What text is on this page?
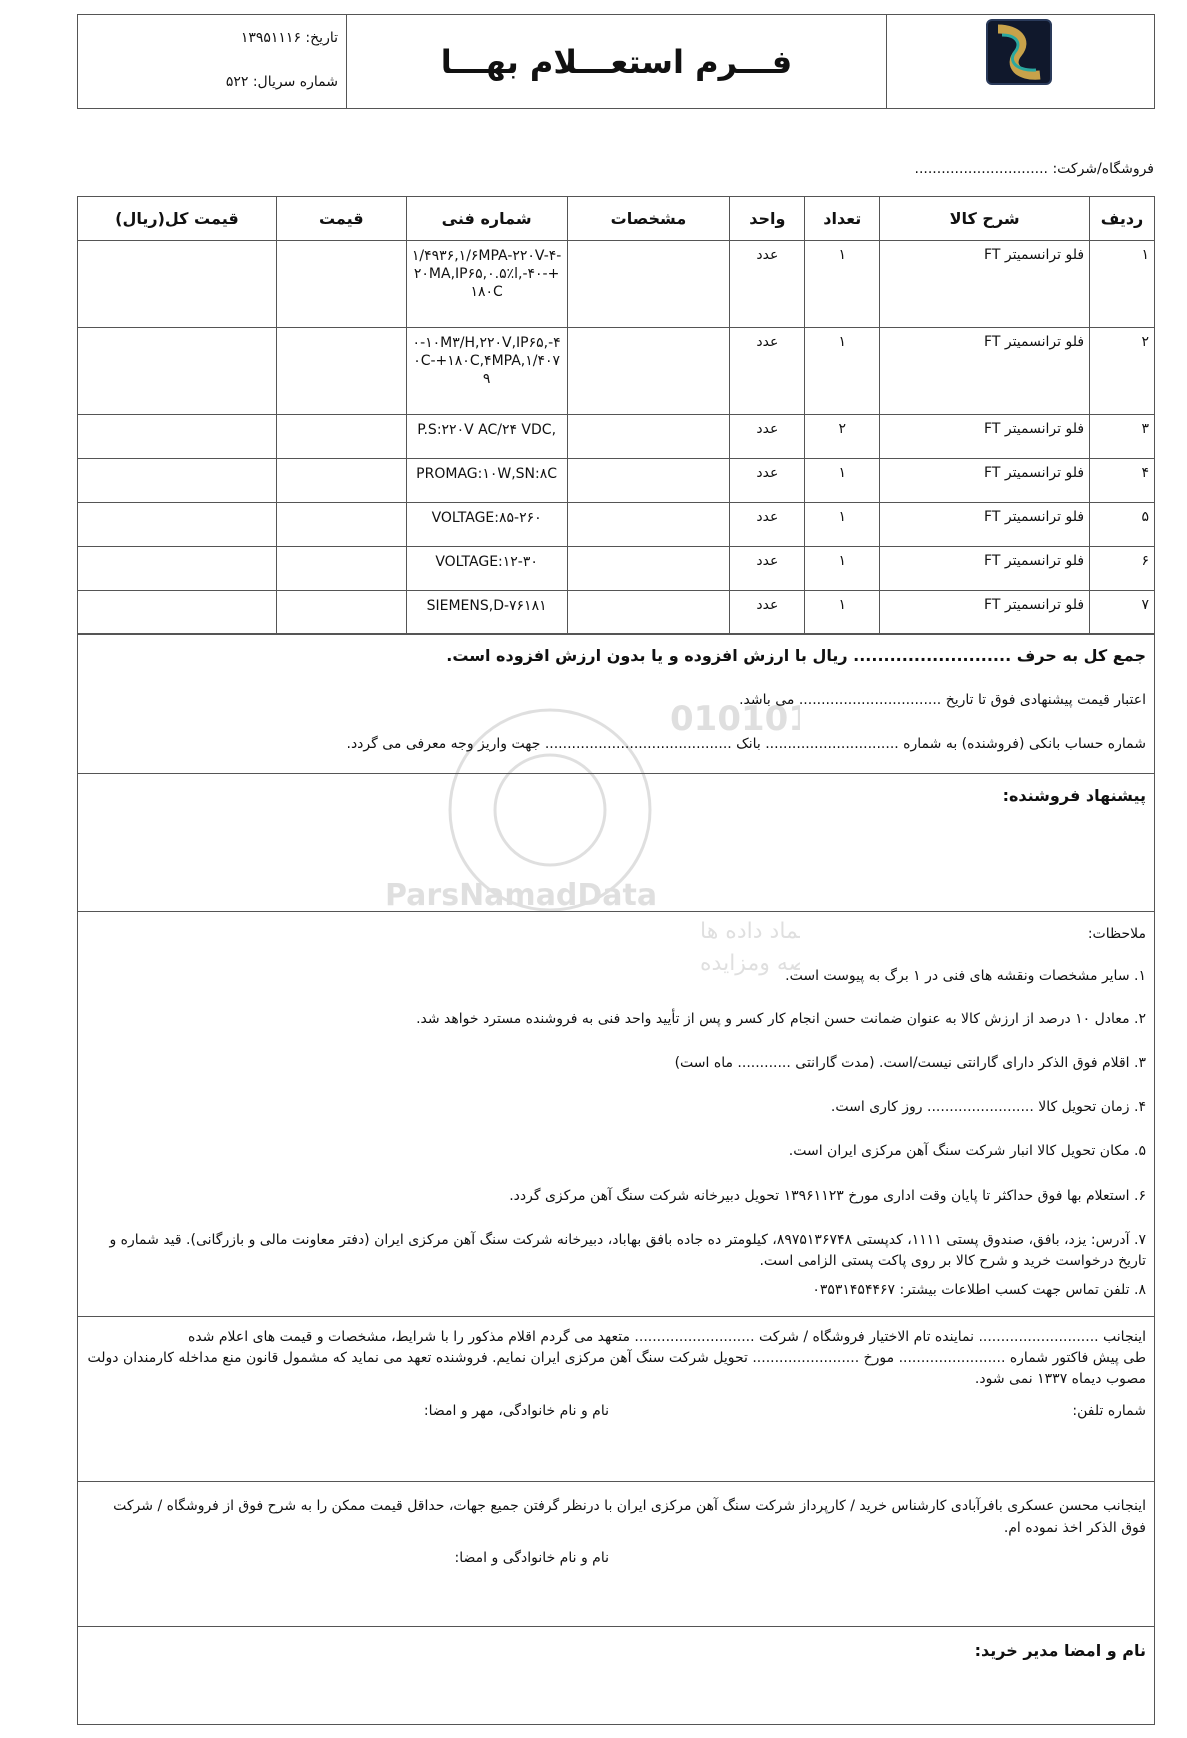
فـــرم استعـــلام بهـــا
تاریخ: ۱۳۹۵۱۱۱۶
شماره سریال: ۵۲۲
فروشگاه/شرکت: ..............................
ردیف	شرح کالا	تعداد	واحد	مشخصات	شماره فنی	قیمت	قیمت کل(ریال)
۱	فلو ترانسمیتر FT	۱	عدد		۱/۴۹۳۶,۱/۶MPA-۲۲۰V-۴-۲۰MA,IP۶۵,۰.۵٪l,-۴۰-+۱۸۰C		
۲	فلو ترانسمیتر FT	۱	عدد		۰-۱۰M۳/H,۲۲۰V,IP۶۵,-۴۰C-+۱۸۰C,۴MPA,۱/۴۰۷۹		
۳	فلو ترانسمیتر FT	۲	عدد		P.S:۲۲۰V AC/۲۴ VDC,		
۴	فلو ترانسمیتر FT	۱	عدد		PROMAG:۱۰W,SN:۸C		
۵	فلو ترانسمیتر FT	۱	عدد		VOLTAGE:۸۵-۲۶۰		
۶	فلو ترانسمیتر FT	۱	عدد		VOLTAGE:۱۲-۳۰		
۷	فلو ترانسمیتر FT	۱	عدد		SIEMENS,D-۷۶۱۸۱		
جمع کل به حرف .......................... ریال با ارزش افزوده و یا بدون ارزش افزوده است.
اعتبار قیمت پیشنهادی فوق تا تاریخ ................................ می باشد.
شماره حساب بانکی (فروشنده) به شماره .............................. بانک .......................................... جهت واریز وجه معرفی می گردد.
پیشنهاد فروشنده:
ملاحظات:
۱. سایر مشخصات ونقشه های فنی در ۱ برگ به پیوست است.
۲. معادل ۱۰ درصد از ارزش کالا به عنوان ضمانت حسن انجام کار کسر و پس از تأیید واحد فنی به فروشنده مسترد خواهد شد.
۳. اقلام فوق الذکر دارای گارانتی نیست/است. (مدت گارانتی ............ ماه است)
۴. زمان تحویل کالا ........................ روز کاری است.
۵. مکان تحویل کالا انبار شرکت سنگ آهن مرکزی ایران است.
۶. استعلام بها فوق حداکثر تا پایان وقت اداری مورخ ۱۳۹۶۱۱۲۳ تحویل دبیرخانه شرکت سنگ آهن مرکزی گردد.
۷. آدرس: یزد، بافق، صندوق پستی ۱۱۱۱، کدپستی ۸۹۷۵۱۳۶۷۴۸، کیلومتر ده جاده بافق بهاباد، دبیرخانه شرکت سنگ آهن مرکزی ایران (دفتر معاونت مالی و بازرگانی). قید شماره و تاریخ درخواست خرید و شرح کالا بر روی پاکت پستی الزامی است.
۸. تلفن تماس جهت کسب اطلاعات بیشتر: ۰۳۵۳۱۴۵۴۴۶۷
اینجانب ........................... نماینده تام الاختیار فروشگاه / شرکت ........................... متعهد می گردم اقلام مذکور را با شرایط، مشخصات و قیمت های اعلام شده
طی پیش فاکتور شماره ........................ مورخ ........................ تحویل شرکت سنگ آهن مرکزی ایران نمایم. فروشنده تعهد می نماید که مشمول قانون منع مداخله کارمندان دولت
مصوب دیماه ۱۳۳۷ نمی شود.
شماره تلفن:
نام و نام خانوادگی، مهر و امضا:
اینجانب محسن عسکری بافرآبادی کارشناس خرید / کارپرداز شرکت سنگ آهن مرکزی ایران با درنظر گرفتن جمیع جهات، حداقل قیمت ممکن را به شرح فوق از فروشگاه / شرکت
فوق الذکر اخذ نموده ام.
نام و نام خانوادگی و امضا:
نام و امضا مدیر خرید:
010101
ParsNamadData
ماد داده ها
ه ومزایده
